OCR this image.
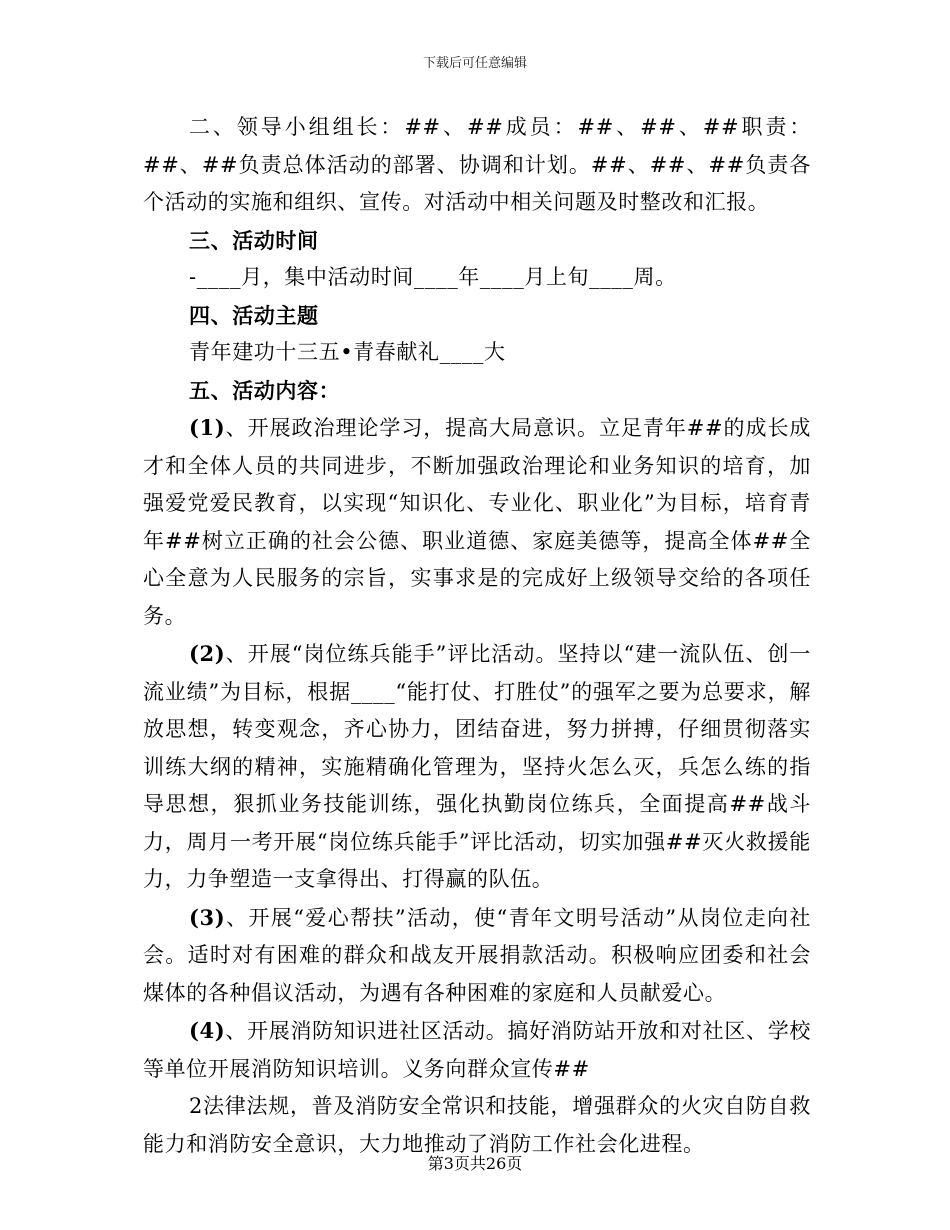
下载后可任意编辑

二、领导小组组长：##、##成员：##、##、##职责：##、##负责总体活动的部署、协调和计划。##、##、##负责各个活动的实施和组织、宣传。对活动中相关问题及时整改和汇报。

三、活动时间

-____月，集中活动时间____年____月上旬____周。

四、活动主题

青年建功十三五•青春献礼____大

五、活动内容：

(1)、开展政治理论学习，提高大局意识。立足青年##的成长成才和全体人员的共同进步，不断加强政治理论和业务知识的培育，加强爱党爱民教育，以实现“知识化、专业化、职业化”为目标，培育青年##树立正确的社会公德、职业道德、家庭美德等，提高全体##全心全意为人民服务的宗旨，实事求是的完成好上级领导交给的各项任务。

(2)、开展“岗位练兵能手”评比活动。坚持以“建一流队伍、创一流业绩”为目标，根据____“能打仗、打胜仗”的强军之要为总要求，解放思想，转变观念，齐心协力，团结奋进，努力拼搏，仔细贯彻落实训练大纲的精神，实施精确化管理为，坚持火怎么灭，兵怎么练的指导思想，狠抓业务技能训练，强化执勤岗位练兵，全面提高##战斗力，周月一考开展“岗位练兵能手”评比活动，切实加强##灭火救援能力，力争塑造一支拿得出、打得赢的队伍。

(3)、开展“爱心帮扶”活动，使“青年文明号活动”从岗位走向社会。适时对有困难的群众和战友开展捐款活动。积极响应团委和社会煤体的各种倡议活动，为遇有各种困难的家庭和人员献爱心。

(4)、开展消防知识进社区活动。搞好消防站开放和对社区、学校等单位开展消防知识培训。义务向群众宣传##

2法律法规，普及消防安全常识和技能，增强群众的火灾自防自救能力和消防安全意识，大力地推动了消防工作社会化进程。

第3页共26页
